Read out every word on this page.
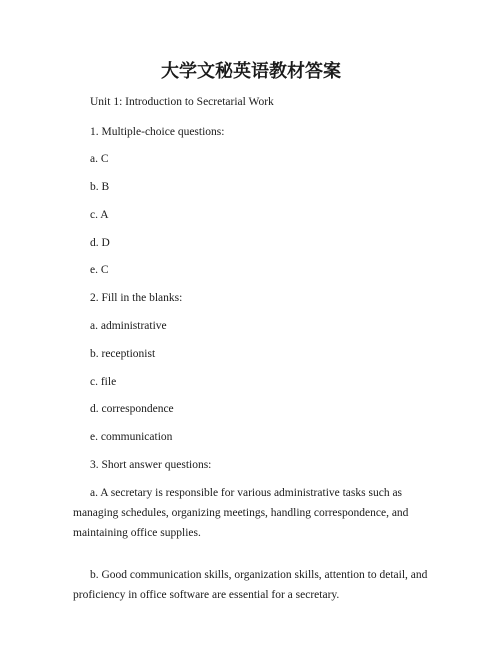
大学文秘英语教材答案
Unit 1: Introduction to Secretarial Work
1. Multiple-choice questions:
a. C
b. B
c. A
d. D
e. C
2. Fill in the blanks:
a. administrative
b. receptionist
c. file
d. correspondence
e. communication
3. Short answer questions:
a. A secretary is responsible for various administrative tasks such as managing schedules, organizing meetings, handling correspondence, and maintaining office supplies.
b. Good communication skills, organization skills, attention to detail, and proficiency in office software are essential for a secretary.
